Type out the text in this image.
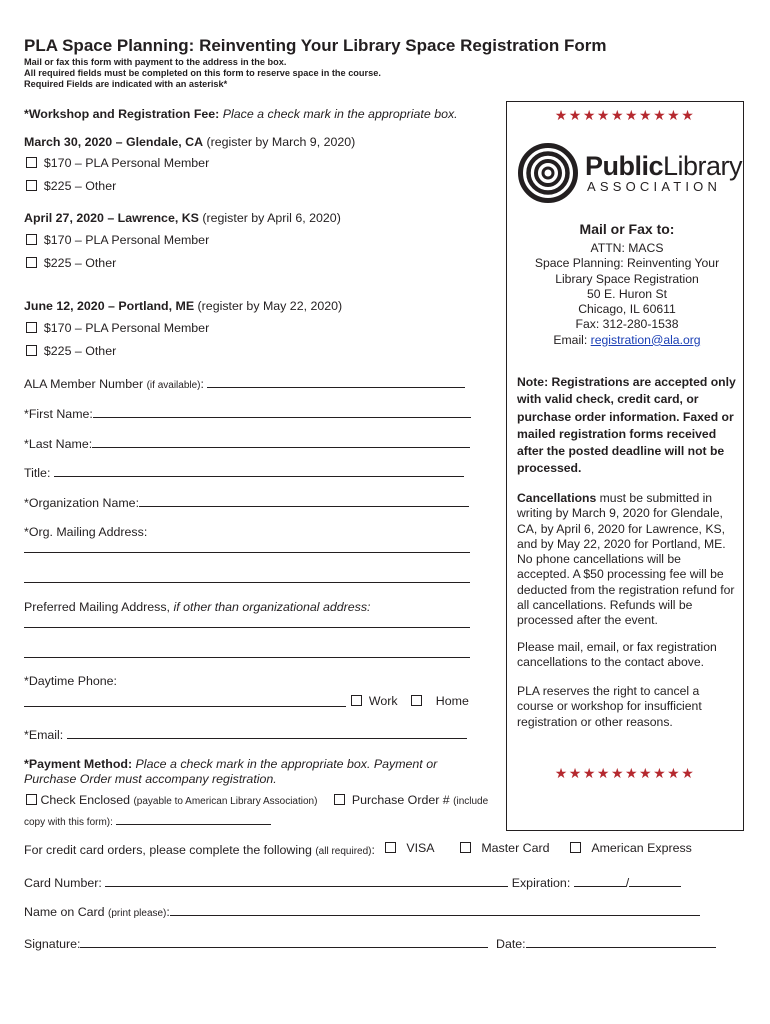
PLA Space Planning: Reinventing Your Library Space Registration Form
Mail or fax this form with payment to the address in the box.
All required fields must be completed on this form to reserve space in the course.
Required Fields are indicated with an asterisk*
*Workshop and Registration Fee: Place a check mark in the appropriate box.
March 30, 2020 – Glendale, CA (register by March 9, 2020)
$170 – PLA Personal Member
$225 – Other
April 27, 2020 – Lawrence, KS (register by April 6, 2020)
$170 – PLA Personal Member
$225 – Other
June 12, 2020 – Portland, ME (register by May 22, 2020)
$170 – PLA Personal Member
$225 – Other
ALA Member Number (if available):
*First Name:
*Last Name:
Title:
*Organization Name:
*Org. Mailing Address:
Preferred Mailing Address, if other than organizational address:
*Daytime Phone:
Work	Home
*Email:
*Payment Method: Place a check mark in the appropriate box. Payment or
Purchase Order must accompany registration.
Check Enclosed (payable to American Library Association)	Purchase Order # (include
copy with this form):
For credit card orders, please complete the following (all required):	VISA	Master Card	American Express
Card Number:	Expiration:	/
Name on Card (print please):
Signature:	Date:
★★★★★★★★★★
PublicLibrary
ASSOCIATION
Mail or Fax to:
ATTN: MACS
Space Planning: Reinventing Your
Library Space Registration
50 E. Huron St
Chicago, IL 60611
Fax: 312-280-1538
Email: registration@ala.org
Note: Registrations are accepted only with valid check, credit card, or purchase order information. Faxed or mailed registration forms received after the posted deadline will not be processed.
Cancellations must be submitted in writing by March 9, 2020 for Glendale, CA, by April 6, 2020 for Lawrence, KS, and by May 22, 2020 for Portland, ME. No phone cancellations will be accepted. A $50 processing fee will be deducted from the registration refund for all cancellations. Refunds will be processed after the event.
Please mail, email, or fax registration cancellations to the contact above.
PLA reserves the right to cancel a course or workshop for insufficient registration or other reasons.
★★★★★★★★★★
